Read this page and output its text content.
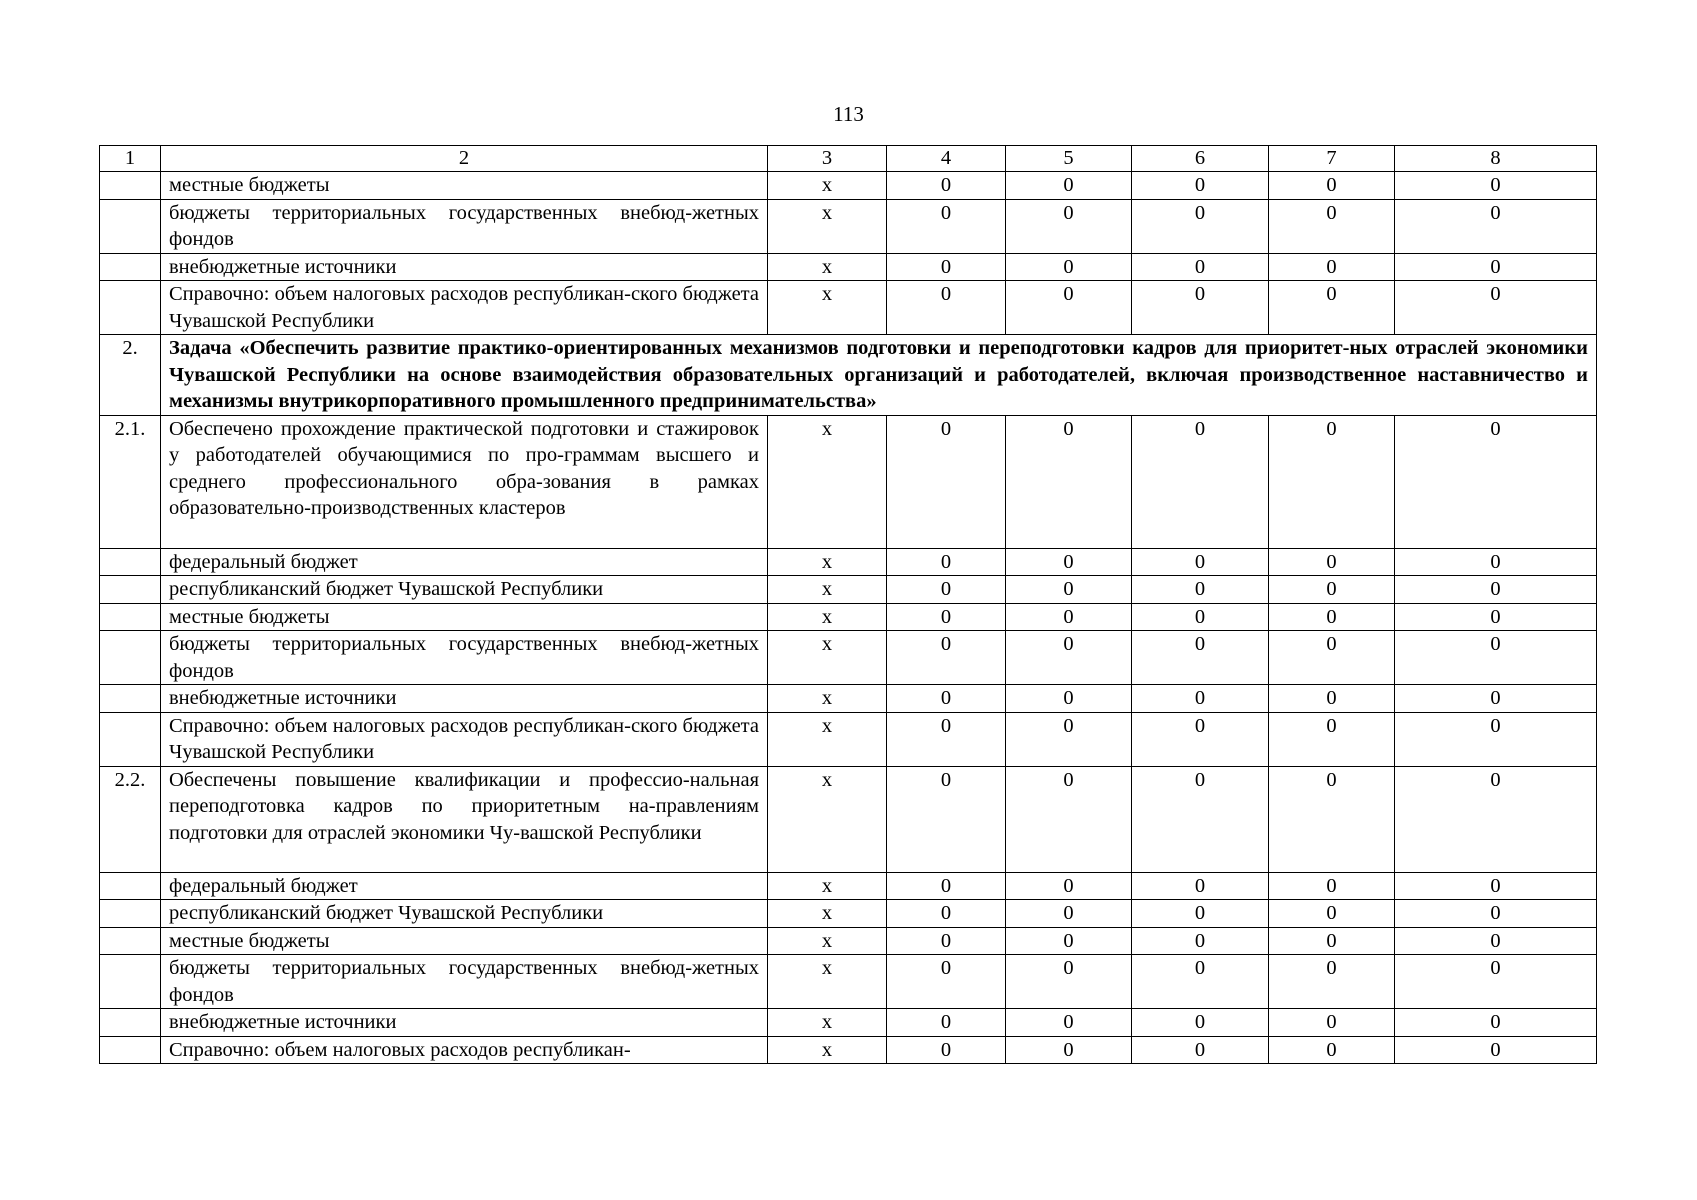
113
1	2	3	4	5	6	7	8
	местные бюджеты	x	0	0	0	0	0
	бюджеты территориальных государственных внебюд-жетных фондов	x	0	0	0	0	0
	внебюджетные источники	x	0	0	0	0	0
	Справочно: объем налоговых расходов республикан-ского бюджета Чувашской Республики	x	0	0	0	0	0
2.	Задача «Обеспечить развитие практико-ориентированных механизмов подготовки и переподготовки кадров для приоритет-ных отраслей экономики Чувашской Республики на основе взаимодействия образовательных организаций и работодателей, включая производственное наставничество и механизмы внутрикорпоративного промышленного предпринимательства»						
2.1.	Обеспечено прохождение практической подготовки и стажировок у работодателей обучающимися по про-граммам высшего и среднего профессионального обра-зования в рамках образовательно-производственных кластеров	x	0	0	0	0	0
	федеральный бюджет	x	0	0	0	0	0
	республиканский бюджет Чувашской Республики	x	0	0	0	0	0
	местные бюджеты	x	0	0	0	0	0
	бюджеты территориальных государственных внебюд-жетных фондов	x	0	0	0	0	0
	внебюджетные источники	x	0	0	0	0	0
	Справочно: объем налоговых расходов республикан-ского бюджета Чувашской Республики	x	0	0	0	0	0
2.2.	Обеспечены повышение квалификации и профессио-нальная переподготовка кадров по приоритетным на-правлениям подготовки для отраслей экономики Чу-вашской Республики	x	0	0	0	0	0
	федеральный бюджет	x	0	0	0	0	0
	республиканский бюджет Чувашской Республики	x	0	0	0	0	0
	местные бюджеты	x	0	0	0	0	0
	бюджеты территориальных государственных внебюд-жетных фондов	x	0	0	0	0	0
	внебюджетные источники	x	0	0	0	0	0
	Справочно: объем налоговых расходов республикан-	x	0	0	0	0	0
